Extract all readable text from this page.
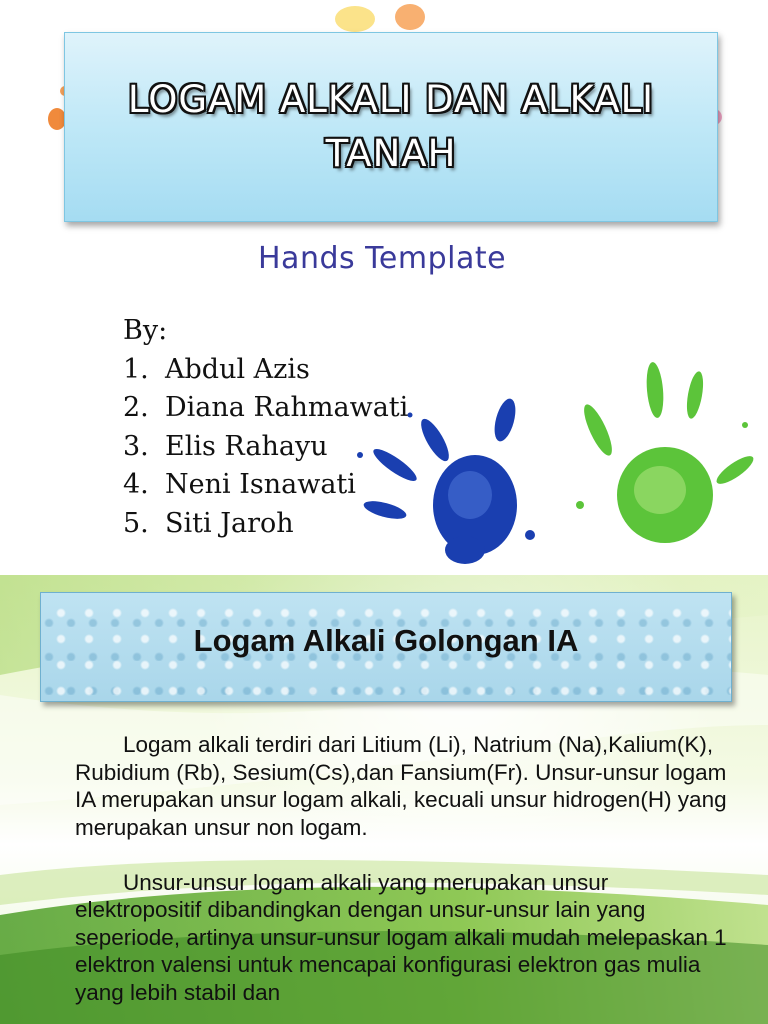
LOGAM ALKALI DAN ALKALI TANAH
Hands Template
By:
1. Abdul Azis
2. Diana Rahmawati
3. Elis Rahayu
4. Neni Isnawati
5. Siti Jaroh
Logam Alkali Golongan IA

Logam alkali terdiri dari Litium (Li), Natrium (Na),Kalium(K), Rubidium (Rb), Sesium(Cs),dan Fansium(Fr). Unsur-unsur logam IA merupakan unsur logam alkali, kecuali unsur hidrogen(H) yang merupakan unsur non logam.

Unsur-unsur logam alkali yang merupakan unsur elektropositif dibandingkan dengan unsur-unsur lain yang seperiode, artinya unsur-unsur logam alkali mudah melepaskan 1 elektron valensi untuk mencapai konfigurasi elektron gas mulia yang lebih stabil dan
